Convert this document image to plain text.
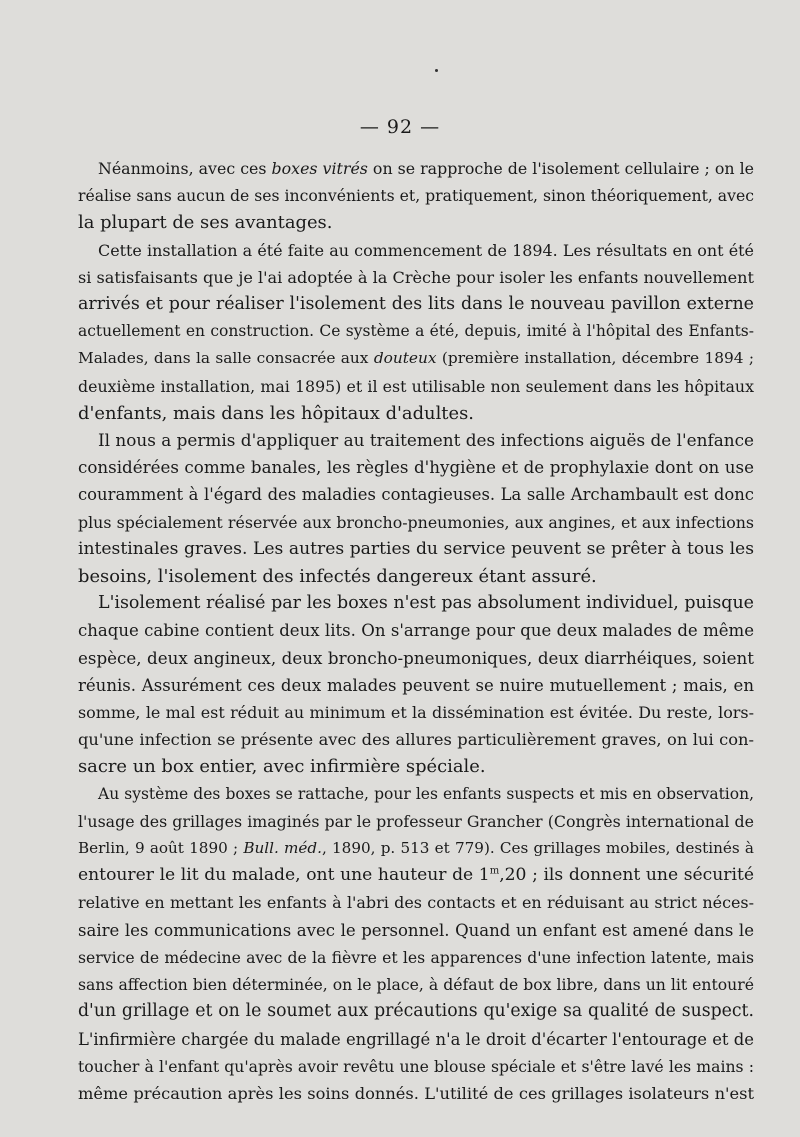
— 92 —

Néanmoins, avec ces boxes vitrés on se rapproche de l'isolement cellulaire ; on le
réalise sans aucun de ses inconvénients et, pratiquement, sinon théoriquement, avec
la plupart de ses avantages.

Cette installation a été faite au commencement de 1894. Les résultats en ont été
si satisfaisants que je l'ai adoptée à la Crèche pour isoler les enfants nouvellement
arrivés et pour réaliser l'isolement des lits dans le nouveau pavillon externe
actuellement en construction. Ce système a été, depuis, imité à l'hôpital des Enfants-
Malades, dans la salle consacrée aux douteux (première installation, décembre 1894 ;
deuxième installation, mai 1895) et il est utilisable non seulement dans les hôpitaux
d'enfants, mais dans les hôpitaux d'adultes.

Il nous a permis d'appliquer au traitement des infections aiguës de l'enfance
considérées comme banales, les règles d'hygiène et de prophylaxie dont on use
couramment à l'égard des maladies contagieuses. La salle Archambault est donc
plus spécialement réservée aux broncho-pneumonies, aux angines, et aux infections
intestinales graves. Les autres parties du service peuvent se prêter à tous les
besoins, l'isolement des infectés dangereux étant assuré.

L'isolement réalisé par les boxes n'est pas absolument individuel, puisque
chaque cabine contient deux lits. On s'arrange pour que deux malades de même
espèce, deux angineux, deux broncho-pneumoniques, deux diarrhéiques, soient
réunis. Assurément ces deux malades peuvent se nuire mutuellement ; mais, en
somme, le mal est réduit au minimum et la dissémination est évitée. Du reste, lors-
qu'une infection se présente avec des allures particulièrement graves, on lui con-
sacre un box entier, avec infirmière spéciale.

Au système des boxes se rattache, pour les enfants suspects et mis en observation,
l'usage des grillages imaginés par le professeur Grancher (Congrès international de
Berlin, 9 août 1890 ; Bull. méd., 1890, p. 513 et 779). Ces grillages mobiles, destinés à
entourer le lit du malade, ont une hauteur de 1$^m$,20 ; ils donnent une sécurité
relative en mettant les enfants à l'abri des contacts et en réduisant au strict néces-
saire les communications avec le personnel. Quand un enfant est amené dans le
service de médecine avec de la fièvre et les apparences d'une infection latente, mais
sans affection bien déterminée, on le place, à défaut de box libre, dans un lit entouré
d'un grillage et on le soumet aux précautions qu'exige sa qualité de suspect.
L'infirmière chargée du malade engrillagé n'a le droit d'écarter l'entourage et de
toucher à l'enfant qu'après avoir revêtu une blouse spéciale et s'être lavé les mains :
même précaution après les soins donnés. L'utilité de ces grillages isolateurs n'est
